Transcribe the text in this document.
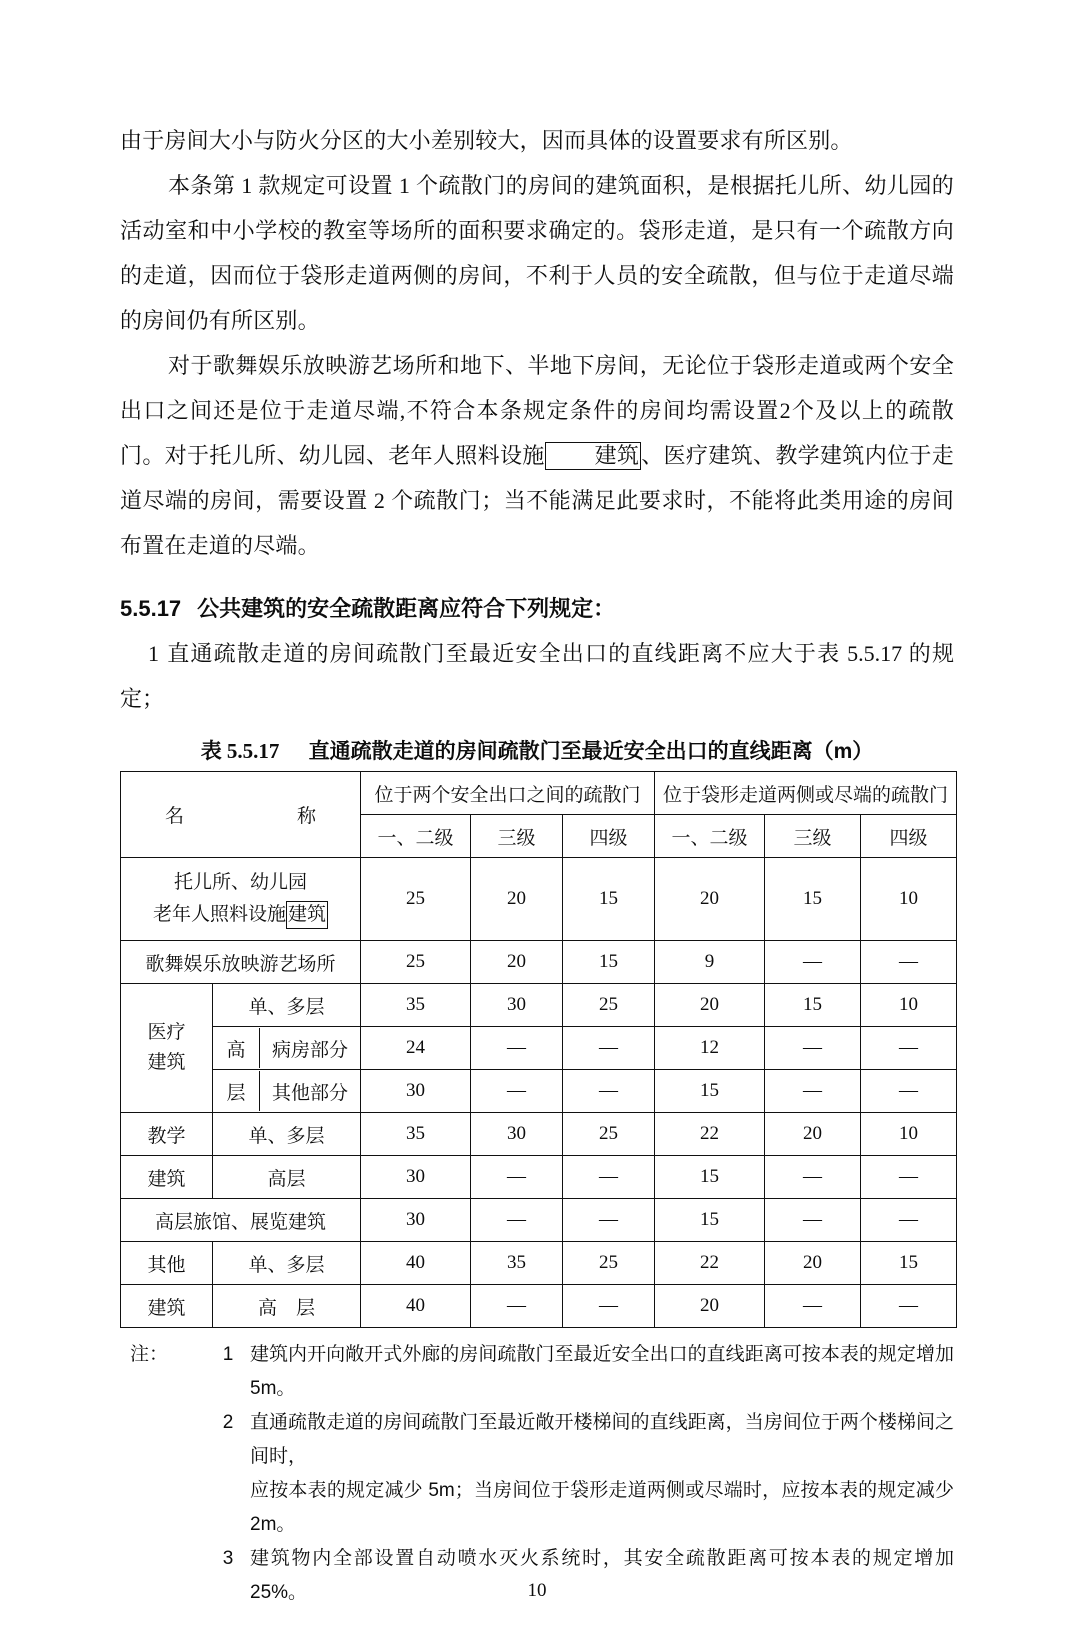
由于房间大小与防火分区的大小差别较大，因而具体的设置要求有所区别。

本条第 1 款规定可设置 1 个疏散门的房间的建筑面积，是根据托儿所、幼儿园的活动室和中小学校的教室等场所的面积要求确定的。袋形走道，是只有一个疏散方向的走道，因而位于袋形走道两侧的房间，不利于人员的安全疏散，但与位于走道尽端的房间仍有所区别。

对于歌舞娱乐放映游艺场所和地下、半地下房间，无论位于袋形走道或两个安全出口之间还是位于走道尽端,不符合本条规定条件的房间均需设置2个及以上的疏散门。对于托儿所、幼儿园、老年人照料设施 建筑、医疗建筑、教学建筑内位于走道尽端的房间，需要设置 2 个疏散门；当不能满足此要求时，不能将此类用途的房间布置在走道的尽端。

5.5.17 公共建筑的安全疏散距离应符合下列规定：

1 直通疏散走道的房间疏散门至最近安全出口的直线距离不应大于表 5.5.17 的规定；

表 5.5.17 直通疏散走道的房间疏散门至最近安全出口的直线距离（m）
名　　　称		位于两个安全出口之间的疏散门			位于袋形走道两侧或尽端的疏散门		
		一、二级	三级	四级	一、二级	三级	四级

托儿所、幼儿园
老年人照料设施 建筑		25	20	15	20	15	10
歌舞娱乐放映游艺场所		25	20	15	9	—	—

医疗
建筑	单、多层	35	30	25	20	15	10

高 病房部分	24	—	—	12	—	—

层 其他部分	30	—	—	15	—	—
教学	单、多层	35	30	25	22	20	10
建筑	高层	30	—	—	15	—	—
高层旅馆、展览建筑		30	—	—	15	—	—
其他	单、多层	40	35	25	22	20	15
建筑	高　层	40	—	—	20	—	—
注：	1 建筑内开向敞开式外廊的房间疏散门至最近安全出口的直线距离可按本表的规定增加 5m。
2 直通疏散走道的房间疏散门至最近敞开楼梯间的直线距离，当房间位于两个楼梯间之间时，
应按本表的规定减少 5m；当房间位于袋形走道两侧或尽端时，应按本表的规定减少 2m。
3 建筑物内全部设置自动喷水灭火系统时，其安全疏散距离可按本表的规定增加 25%。	10
